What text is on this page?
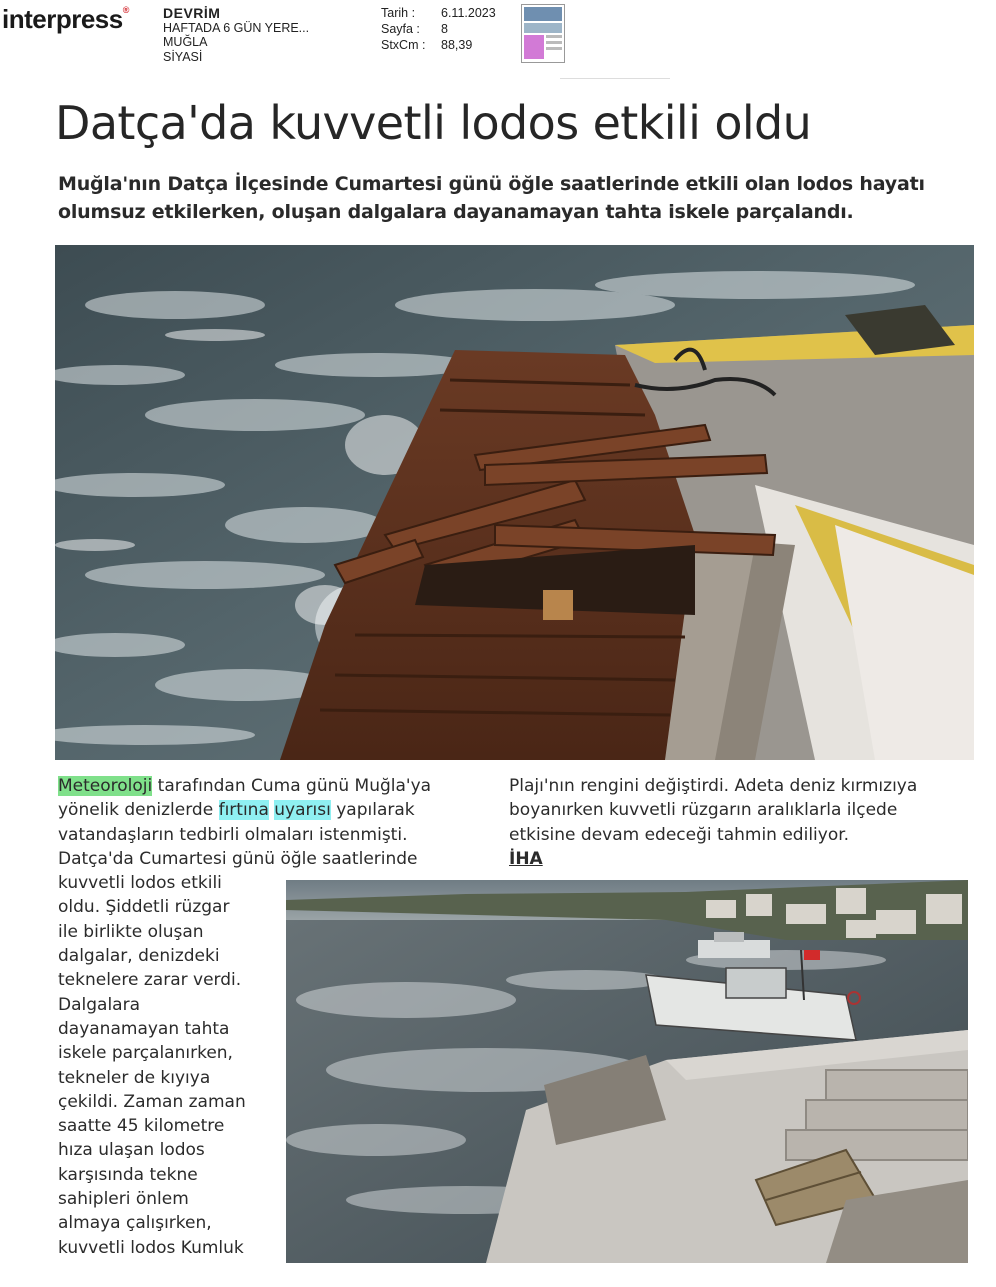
interpress® DEVRİM
HAFTADA 6 GÜN YERE...
MUĞLA
SİYASİ
Tarih :	6.11.2023
Sayfa :	8
StxCm :	88,39
Datça'da kuvvetli lodos etkili oldu
Muğla'nın Datça İlçesinde Cumartesi günü öğle saatlerinde etkili olan lodos hayatı
olumsuz etkilerken, oluşan dalgalara dayanamayan tahta iskele parçalandı.
Meteoroloji tarafından Cuma günü Muğla'ya
yönelik denizlerde fırtına uyarısı yapılarak
vatandaşların tedbirli olmaları istenmişti.
Datça'da Cumartesi günü öğle saatlerinde
kuvvetli lodos etkili
oldu. Şiddetli rüzgar
ile birlikte oluşan
dalgalar, denizdeki
teknelere zarar verdi.
Dalgalara
dayanamayan tahta
iskele parçalanırken,
tekneler de kıyıya
çekildi. Zaman zaman
saatte 45 kilometre
hıza ulaşan lodos
karşısında tekne
sahipleri önlem
almaya çalışırken,
kuvvetli lodos Kumluk
Plajı'nın rengini değiştirdi. Adeta deniz kırmızıya
boyanırken kuvvetli rüzgarın aralıklarla ilçede
etkisine devam edeceği tahmin ediliyor.
İHA
